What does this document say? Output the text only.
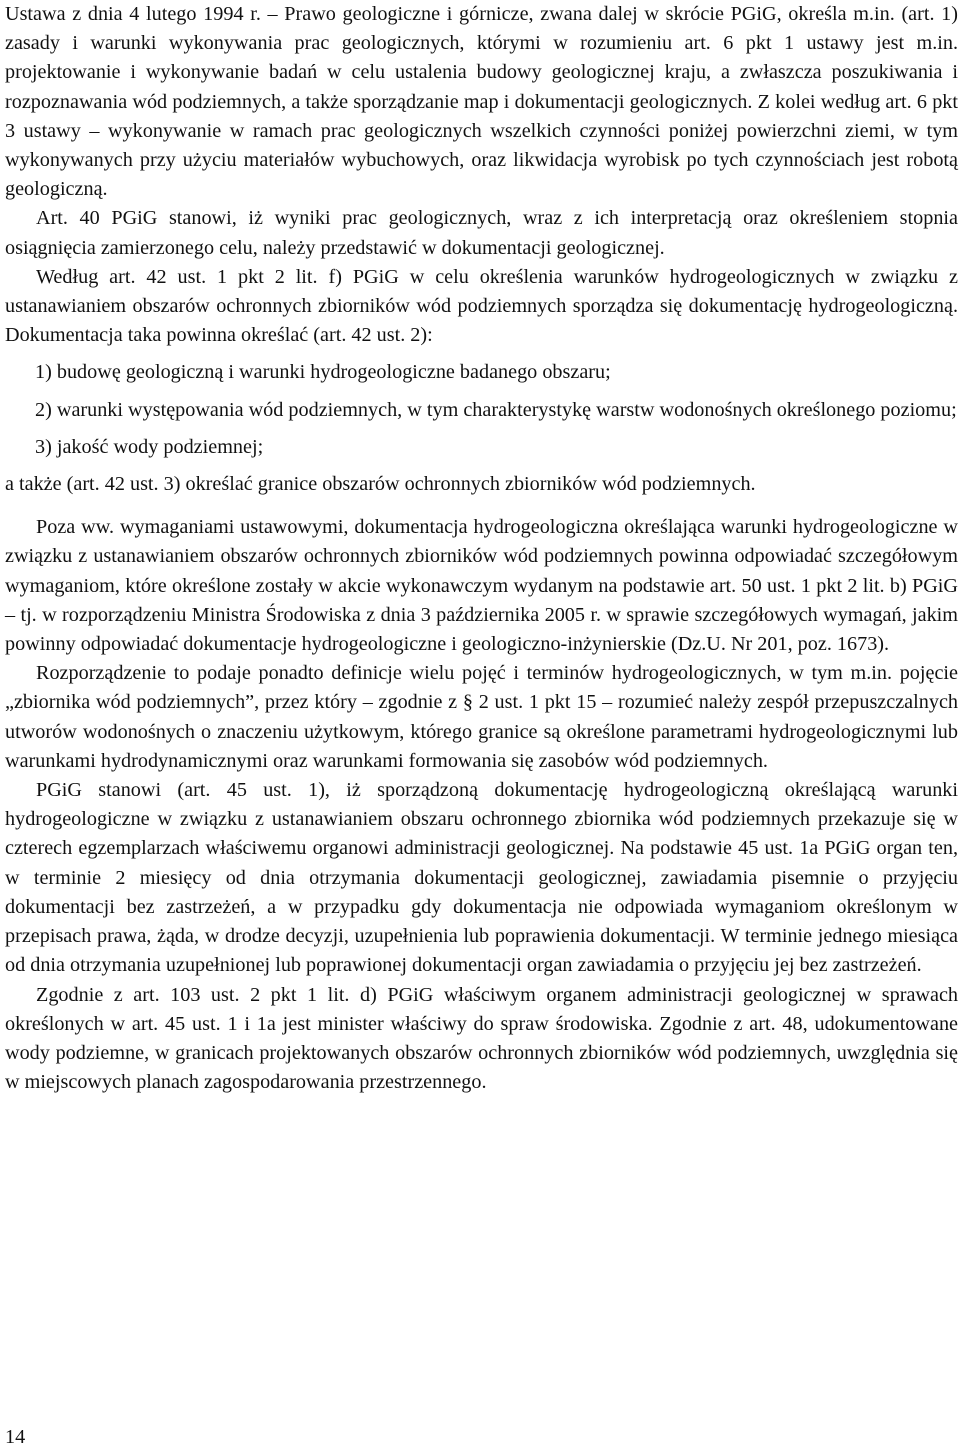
Ustawa z dnia 4 lutego 1994 r. – Prawo geologiczne i górnicze, zwana dalej w skrócie PGiG, określa m.in. (art. 1) zasady i warunki wykonywania prac geologicznych, którymi w rozumieniu art. 6 pkt 1 ustawy jest m.in. projektowanie i wykonywanie badań w celu ustalenia budowy geologicznej kraju, a zwłaszcza poszukiwania i rozpoznawania wód podziemnych, a także sporządzanie map i dokumentacji geologicznych. Z kolei według art. 6 pkt 3 ustawy – wykonywanie w ramach prac geologicznych wszelkich czynności poniżej powierzchni ziemi, w tym wykonywanych przy użyciu materiałów wybuchowych, oraz likwidacja wyrobisk po tych czynnościach jest robotą geologiczną.

Art. 40 PGiG stanowi, iż wyniki prac geologicznych, wraz z ich interpretacją oraz określeniem stopnia osiągnięcia zamierzonego celu, należy przedstawić w dokumentacji geologicznej.

Według art. 42 ust. 1 pkt 2 lit. f) PGiG w celu określenia warunków hydrogeologicznych w związku z ustanawianiem obszarów ochronnych zbiorników wód podziemnych sporządza się dokumentację hydrogeologiczną. Dokumentacja taka powinna określać (art. 42 ust. 2):

1) budowę geologiczną i warunki hydrogeologiczne badanego obszaru;

2) warunki występowania wód podziemnych, w tym charakterystykę warstw wodonośnych określonego poziomu;

3) jakość wody podziemnej;

a także (art. 42 ust. 3) określać granice obszarów ochronnych zbiorników wód podziemnych.

Poza ww. wymaganiami ustawowymi, dokumentacja hydrogeologiczna określająca warunki hydrogeologiczne w związku z ustanawianiem obszarów ochronnych zbiorników wód podziemnych powinna odpowiadać szczegółowym wymaganiom, które określone zostały w akcie wykonawczym wydanym na podstawie art. 50 ust. 1 pkt 2 lit. b) PGiG – tj. w rozporządzeniu Ministra Środowiska z dnia 3 października 2005 r. w sprawie szczegółowych wymagań, jakim powinny odpowiadać dokumentacje hydrogeologiczne i geologiczno-inżynierskie (Dz.U. Nr 201, poz. 1673).

Rozporządzenie to podaje ponadto definicje wielu pojęć i terminów hydrogeologicznych, w tym m.in. pojęcie „zbiornika wód podziemnych”, przez który – zgodnie z § 2 ust. 1 pkt 15 – rozumieć należy zespół przepuszczalnych utworów wodonośnych o znaczeniu użytkowym, którego granice są określone parametrami hydrogeologicznymi lub warunkami hydrodynamicznymi oraz warunkami formowania się zasobów wód podziemnych.

PGiG stanowi (art. 45 ust. 1), iż sporządzoną dokumentację hydrogeologiczną określającą warunki hydrogeologiczne w związku z ustanawianiem obszaru ochronnego zbiornika wód podziemnych przekazuje się w czterech egzemplarzach właściwemu organowi administracji geologicznej. Na podstawie 45 ust. 1a PGiG organ ten, w terminie 2 miesięcy od dnia otrzymania dokumentacji geologicznej, zawiadamia pisemnie o przyjęciu dokumentacji bez zastrzeżeń, a w przypadku gdy dokumentacja nie odpowiada wymaganiom określonym w przepisach prawa, żąda, w drodze decyzji, uzupełnienia lub poprawienia dokumentacji. W terminie jednego miesiąca od dnia otrzymania uzupełnionej lub poprawionej dokumentacji organ zawiadamia o przyjęciu jej bez zastrzeżeń.

Zgodnie z art. 103 ust. 2 pkt 1 lit. d) PGiG właściwym organem administracji geologicznej w sprawach określonych w art. 45 ust. 1 i 1a jest minister właściwy do spraw środowiska. Zgodnie z art. 48, udokumentowane wody podziemne, w granicach projektowanych obszarów ochronnych zbiorników wód podziemnych, uwzględnia się w miejscowych planach zagospodarowania przestrzennego.

14
